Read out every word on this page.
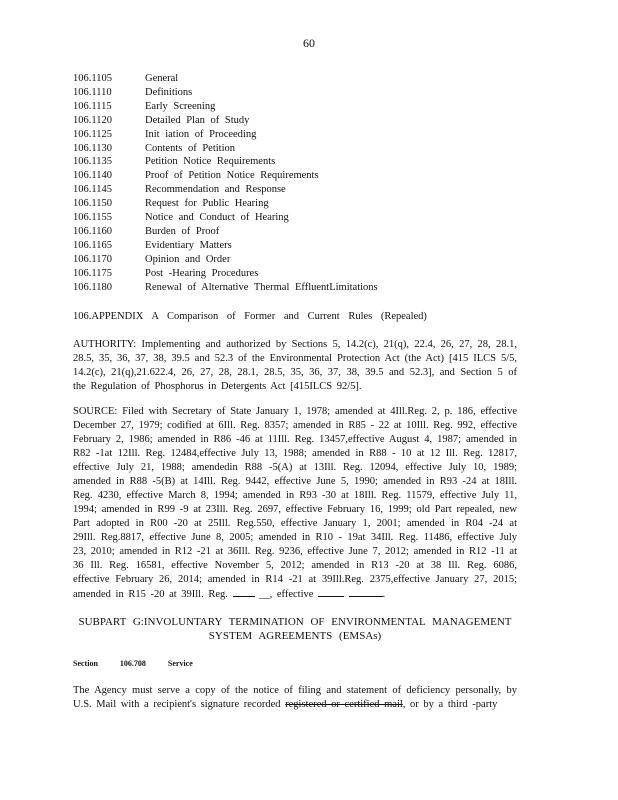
60
106.1105	General
106.1110	Definitions
106.1115	Early Screening
106.1120	Detailed Plan of Study
106.1125	Init iation of Proceeding
106.1130	Contents of Petition
106.1135	Petition Notice Requirements
106.1140	Proof of Petition Notice Requirements
106.1145	Recommendation and Response
106.1150	Request for Public Hearing
106.1155	Notice and Conduct of Hearing
106.1160	Burden of Proof
106.1165	Evidentiary Matters
106.1170	Opinion and Order
106.1175	Post -Hearing Procedures
106.1180	Renewal of Alternative Thermal EffluentLimitations
106.APPENDIX A Comparison of Former and Current Rules (Repealed)
AUTHORITY: Implementing and authorized by Sections 5, 14.2(c), 21(q), 22.4, 26, 27, 28, 28.1, 28.5, 35, 36, 37, 38, 39.5 and 52.3 of the Environmental Protection Act (the Act) [415 ILCS 5/5, 14.2(c), 21(q),21.622.4, 26, 27, 28, 28.1, 28.5, 35, 36, 37, 38, 39.5 and 52.3], and Section 5 of the Regulation of Phosphorus in Detergents Act [415ILCS 92/5].
SOURCE: Filed with Secretary of State January 1, 1978; amended at 4Ill.Reg. 2, p. 186, effective December 27, 1979; codified at 6Ill. Reg. 8357; amended in R85 - 22 at 10Ill. Reg. 992, effective February 2, 1986; amended in R86 -46 at 11Ill. Reg. 13457,effective August 4, 1987; amended in R82 -1at 12Ill. Reg. 12484,effective July 13, 1988; amended in R88 - 10 at 12 Ill. Reg. 12817, effective July 21, 1988; amendedin R88 -5(A) at 13Ill. Reg. 12094, effective July 10, 1989; amended in R88 -5(B) at 14Ill. Reg. 9442, effective June 5, 1990; amended in R93 -24 at 18Ill. Reg. 4230, effective March 8, 1994; amended in R93 -30 at 18Ill. Reg. 11579, effective July 11, 1994; amended in R99 -9 at 23Ill. Reg. 2697, effective February 16, 1999; old Part repealed, new Part adopted in R00 -20 at 25Ill. Reg.550, effective January 1, 2001; amended in R04 -24 at 29Ill. Reg.8817, effective June 8, 2005; amended in R10 - 19at 34Ill. Reg. 11486, effective July 23, 2010; amended in R12 -21 at 36Ill. Reg. 9236, effective June 7, 2012; amended in R12 -11 at 36 Ill. Reg. 16581, effective November 5, 2012; amended in R13 -20 at 38 Ill. Reg. 6086, effective February 26, 2014; amended in R14 -21 at 39Ill.Reg. 2375,effective January 27, 2015; amended in R15 -20 at 39Ill. Reg.	__, effective	.
SUBPART G:INVOLUNTARY TERMINATION OF ENVIRONMENTAL MANAGEMENT
SYSTEM AGREEMENTS (EMSAs)
Section	106.708	Service
The Agency must serve a copy of the notice of filing and statement of deficiency personally, by U.S. Mail with a recipient's signature recorded registered or certified mail, or by a third -party
